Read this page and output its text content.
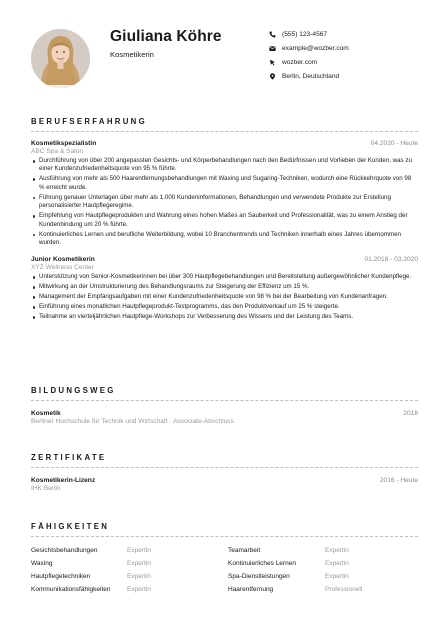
Giuliana Köhre
Kosmetikerin
(555) 123-4567
example@wozber.com
wozber.com
Berlin, Deutschland
BERUFSERFAHRUNG
Kosmetikspezialistin	04.2020 - Heute
ABC Spa & Salon
Durchführung von über 200 angepassten Gesichts- und Körperbehandlungen nach den Bedürfnissen und Vorlieben der Kunden, was zu einer Kundenzufriedenheitsquote von 95 % führte.
Ausführung von mehr als 500 Haarentfernungsbehandlungen mit Waxing und Sugaring-Techniken, wodurch eine Rückkehrquote von 98 % erreicht wurde.
Führung genauer Unterlagen über mehr als 1.000 Kundeninformationen, Behandlungen und verwendete Produkte zur Erstellung personalisierter Hautpflegeregime.
Empfehlung von Hautpflegeprodukten und Wahrung eines hohen Maßes an Sauberkeit und Professionalität, was zu einem Anstieg der Kundenbindung um 20 % führte.
Kontinuierliches Lernen und berufliche Weiterbildung, wobei 10 Branchentrends und Techniken innerhalb eines Jahres übernommen wurden.
Junior Kosmetikerin	01.2018 - 03.2020
XYZ Wellness Center
Unterstützung von Senior-Kosmetikerinnen bei über 300 Hautpflegebehandlungen und Bereitstellung außergewöhnlicher Kundenpflege.
Mitwirkung an der Umstrukturierung des Behandlungsraums zur Steigerung der Effizienz um 15 %.
Management der Empfangsaufgaben mit einer Kundenzufriedenheitsquote von 98 % bei der Bearbeitung von Kundenanfragen.
Einführung eines monatlichen Hautpflegeprodukt-Testprogramms, das den Produktverkauf um 25 % steigerte.
Teilnahme an vierteljährlichen Hautpflege-Workshops zur Verbesserung des Wissens und der Leistung des Teams.
BILDUNGSWEG
Kosmetik	2018
Berliner Hochschule für Technik und Wirtschaft · Associate-Abschluss
ZERTIFIKATE
Kosmetikerin-Lizenz	2016 - Heute
IHK Berlin
FÄHIGKEITEN
Gesichtsbehandlungen	Expertin	Teamarbeit	Expertin
Waxing	Expertin	Kontinuierliches Lernen	Expertin
Hautpflegetechniken	Expertin	Spa-Dienstleistungen	Expertin
Kommunikationsfähigkeiten	Expertin	Haarentfernung	Professionell
